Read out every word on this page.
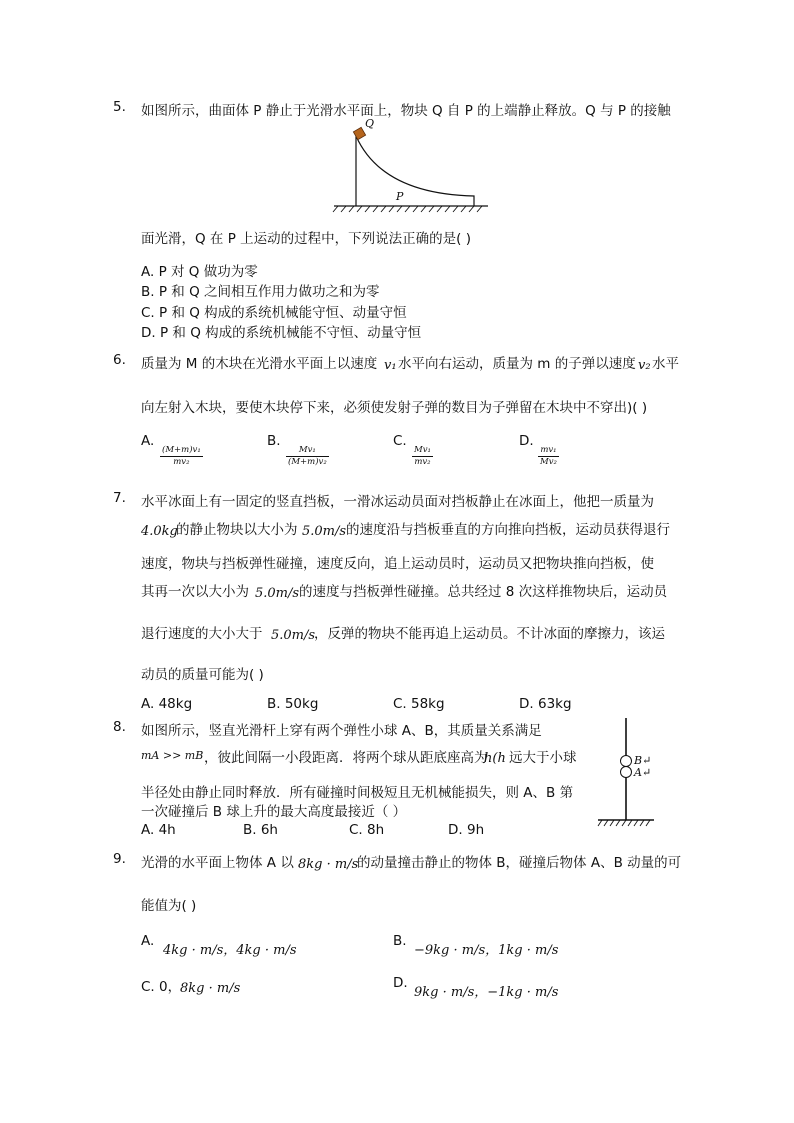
5. 如图所示，曲面体 P 静止于光滑水平面上，物块 Q 自 P 的上端静止释放。Q 与 P 的接触
Q
P
面光滑，Q 在 P 上运动的过程中，下列说法正确的是( )
A. P 对 Q 做功为零
B. P 和 Q 之间相互作用力做功之和为零
C. P 和 Q 构成的系统机械能守恒、动量守恒
D. P 和 Q 构成的系统机械能不守恒、动量守恒
6. 质量为 M 的木块在光滑水平面上以速度 v₁ 水平向右运动，质量为 m 的子弹以速度 v₂ 水平
向左射入木块，要使木块停下来，必须使发射子弹的数目为子弹留在木块中不穿出)( )
A.
$\frac{\text{(M+m)v₁}}{\text{mv₂}}$
B.
$\frac{\text{Mv₁}}{\text{(M+m)v₂}}$
C.
$\frac{\text{Mv₁}}{\text{mv₂}}$
D.
$\frac{\text{mv₁}}{\text{Mv₂}}$
7. 水平冰面上有一固定的竖直挡板，一滑冰运动员面对挡板静止在冰面上，他把一质量为
4.0kg
的静止物块以大小为 5.0m/s 的速度沿与挡板垂直的方向推向挡板，运动员获得退行
速度，物块与挡板弹性碰撞，速度反向，追上运动员时，运动员又把物块推向挡板，使
其再一次以大小为 5.0m/s 的速度与挡板弹性碰撞。总共经过 8 次这样推物块后，运动员
退行速度的大小大于 5.0m/s
，反弹的物块不能再追上运动员。不计冰面的摩擦力，该运
动员的质量可能为( )
A. 48kg	B. 50kg	C. 58kg	D. 63kg
8. 如图所示，竖直光滑杆上穿有两个弹性小球 A、B，其质量关系满足
mA >> mB ，彼此间隔一小段距离．将两个球从距底座高为
h(h 远大于小球
半径处由静止同时释放．所有碰撞时间极短且无机械能损失，则 A、B 第
一次碰撞后 B 球上升的最大高度最接近（ ）
A. 4h	B. 6h	C. 8h	D. 9h
B↵
A↵
9. 光滑的水平面上物体 A 以 8kg · m/s
的动量撞击静止的物体 B，碰撞后物体 A、B 动量的可
能值为( )
A.
4kg · m/s，4kg · m/s
B.
−9kg · m/s，1kg · m/s
C. 0，
8kg · m/s	D.
9kg · m/s，−1kg · m/s
